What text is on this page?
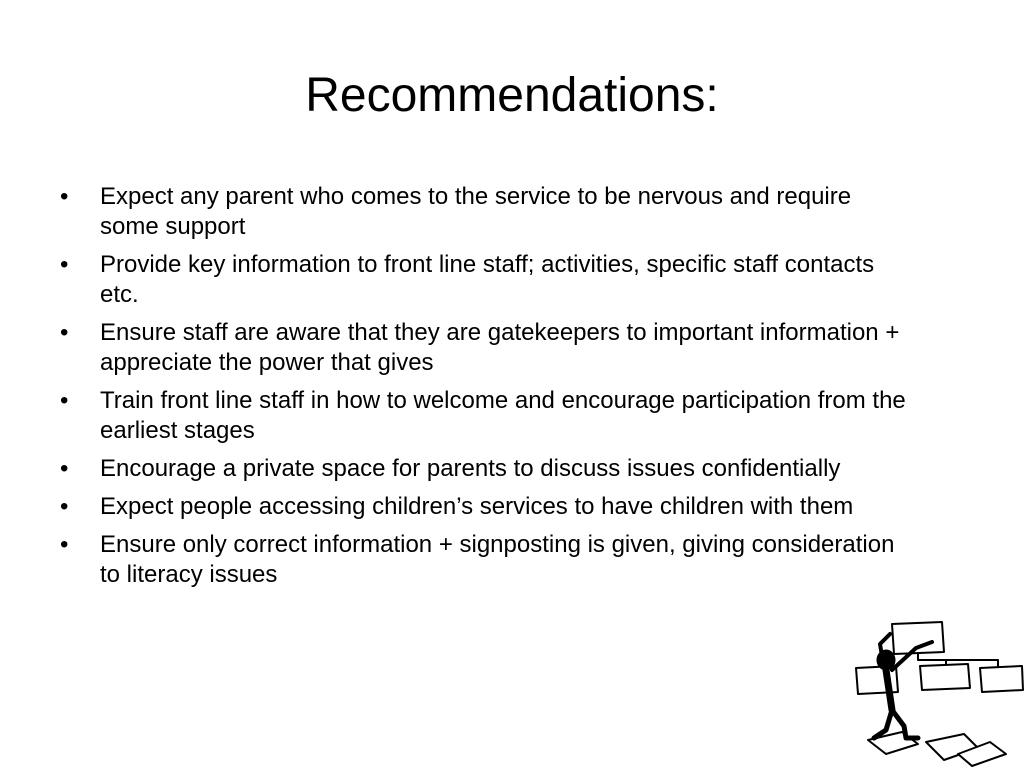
Recommendations:
•	Expect any parent who comes to the service to be nervous and require some support
•	Provide key information to front line staff; activities, specific staff contacts etc.
•	Ensure staff are aware that they are gatekeepers to important information + appreciate the power that gives
•	Train front line staff in how to welcome and encourage participation from the earliest stages
•	Encourage a private space for parents to discuss issues confidentially
•	Expect people accessing children’s services to have children with them
•	Ensure only correct information + signposting is given, giving consideration to literacy issues
